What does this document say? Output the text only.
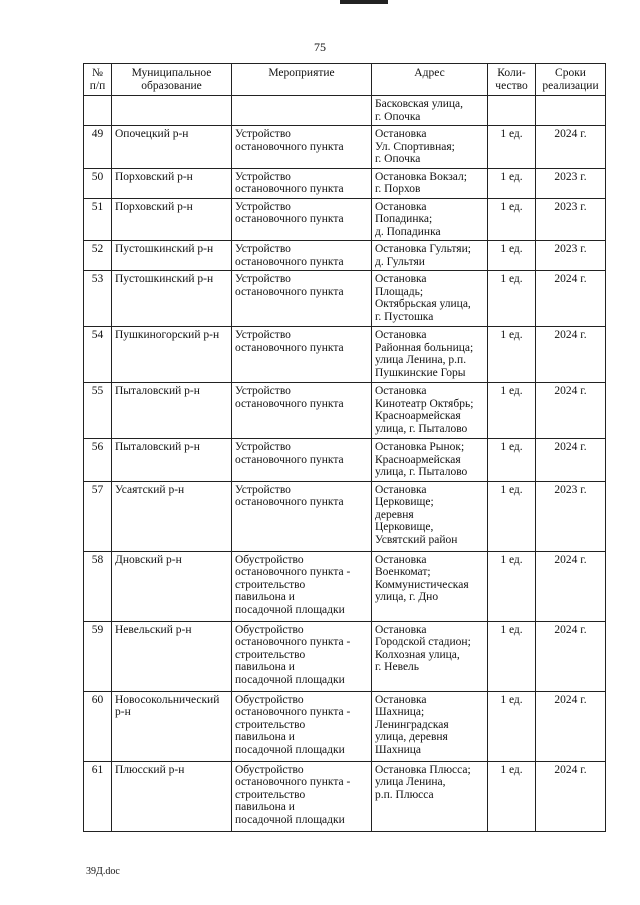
75
№
п/п	Муниципальное
образование	Мероприятие	Адрес	Коли-
чество	Сроки
реализации

			Басковская улица,
г. Опочка		

49	Опочецкий р-н	Устройство
остановочного пункта	Остановка
Ул. Спортивная;
г. Опочка	1 ед.	2024 г.
50	Порховский р-н	Устройство
остановочного пункта	Остановка Вокзал;
г. Порхов	1 ед.	2023 г.
51	Порховский р-н	Устройство
остановочного пункта	Остановка
Попадинка;
д. Попадинка	1 ед.	2023 г.
52	Пустошкинский р-н	Устройство
остановочного пункта	Остановка Гультяи;
д. Гультяи	1 ед.	2023 г.
53	Пустошкинский р-н	Устройство
остановочного пункта	Остановка
Площадь;
Октябрьская улица,
г. Пустошка	1 ед.	2024 г.
54	Пушкиногорский р-н	Устройство
остановочного пункта	Остановка
Районная больница;
улица Ленина, р.п.
Пушкинские Горы	1 ед.	2024 г.
55	Пыталовский р-н	Устройство
остановочного пункта	Остановка
Кинотеатр Октябрь;
Красноармейская
улица, г. Пыталово	1 ед.	2024 г.
56	Пыталовский р-н	Устройство
остановочного пункта	Остановка Рынок;
Красноармейская
улица, г. Пыталово	1 ед.	2024 г.
57	Усаятский р-н	Устройство
остановочного пункта	Остановка
Церковище;
деревня
Церковище,
Усвятский район	1 ед.	2023 г.
58	Дновский р-н	Обустройство
остановочного пункта -
строительство
павильона и
посадочной площадки	Остановка
Военкомат;
Коммунистическая
улица, г. Дно	1 ед.	2024 г.
59	Невельский р-н	Обустройство
остановочного пункта -
строительство
павильона и
посадочной площадки	Остановка
Городской стадион;
Колхозная улица,
г. Невель	1 ед.	2024 г.
60	Новосокольнический
р-н	Обустройство
остановочного пункта -
строительство
павильона и
посадочной площадки	Остановка
Шахница;
Ленинградская
улица, деревня
Шахница	1 ед.	2024 г.
61	Плюсский р-н	Обустройство
остановочного пункта -
строительство
павильона и
посадочной площадки	Остановка Плюсса;
улица Ленина,
р.п. Плюсса	1 ед.	2024 г.
39Д.doc
